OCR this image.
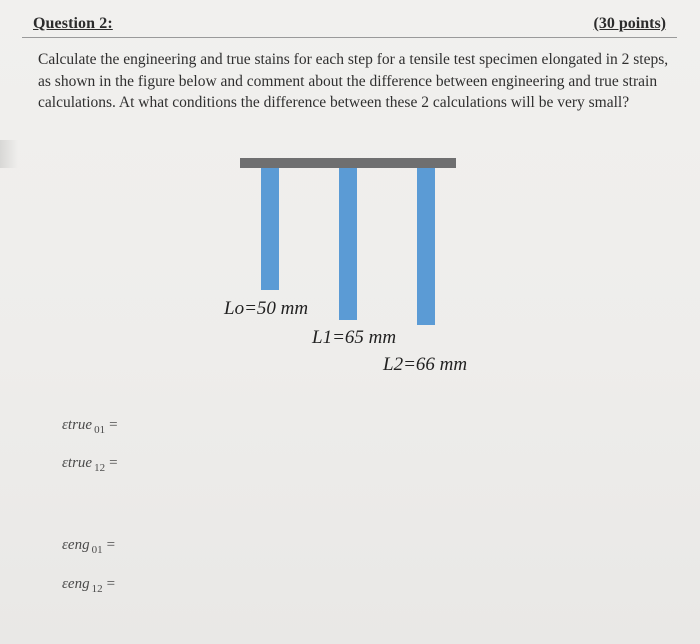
Question 2:	(30 points)
Calculate the engineering and true stains for each step for a tensile test specimen elongated in 2 steps, as shown in the figure below and comment about the difference between engineering and true strain calculations. At what conditions the difference between these 2 calculations will be very small?
Lo=50 mm
L1=65 mm
L2=66 mm
εtrue $_{01}$ =
εtrue $_{12}$ =
εeng $_{01}$ =
εeng $_{12}$ =
